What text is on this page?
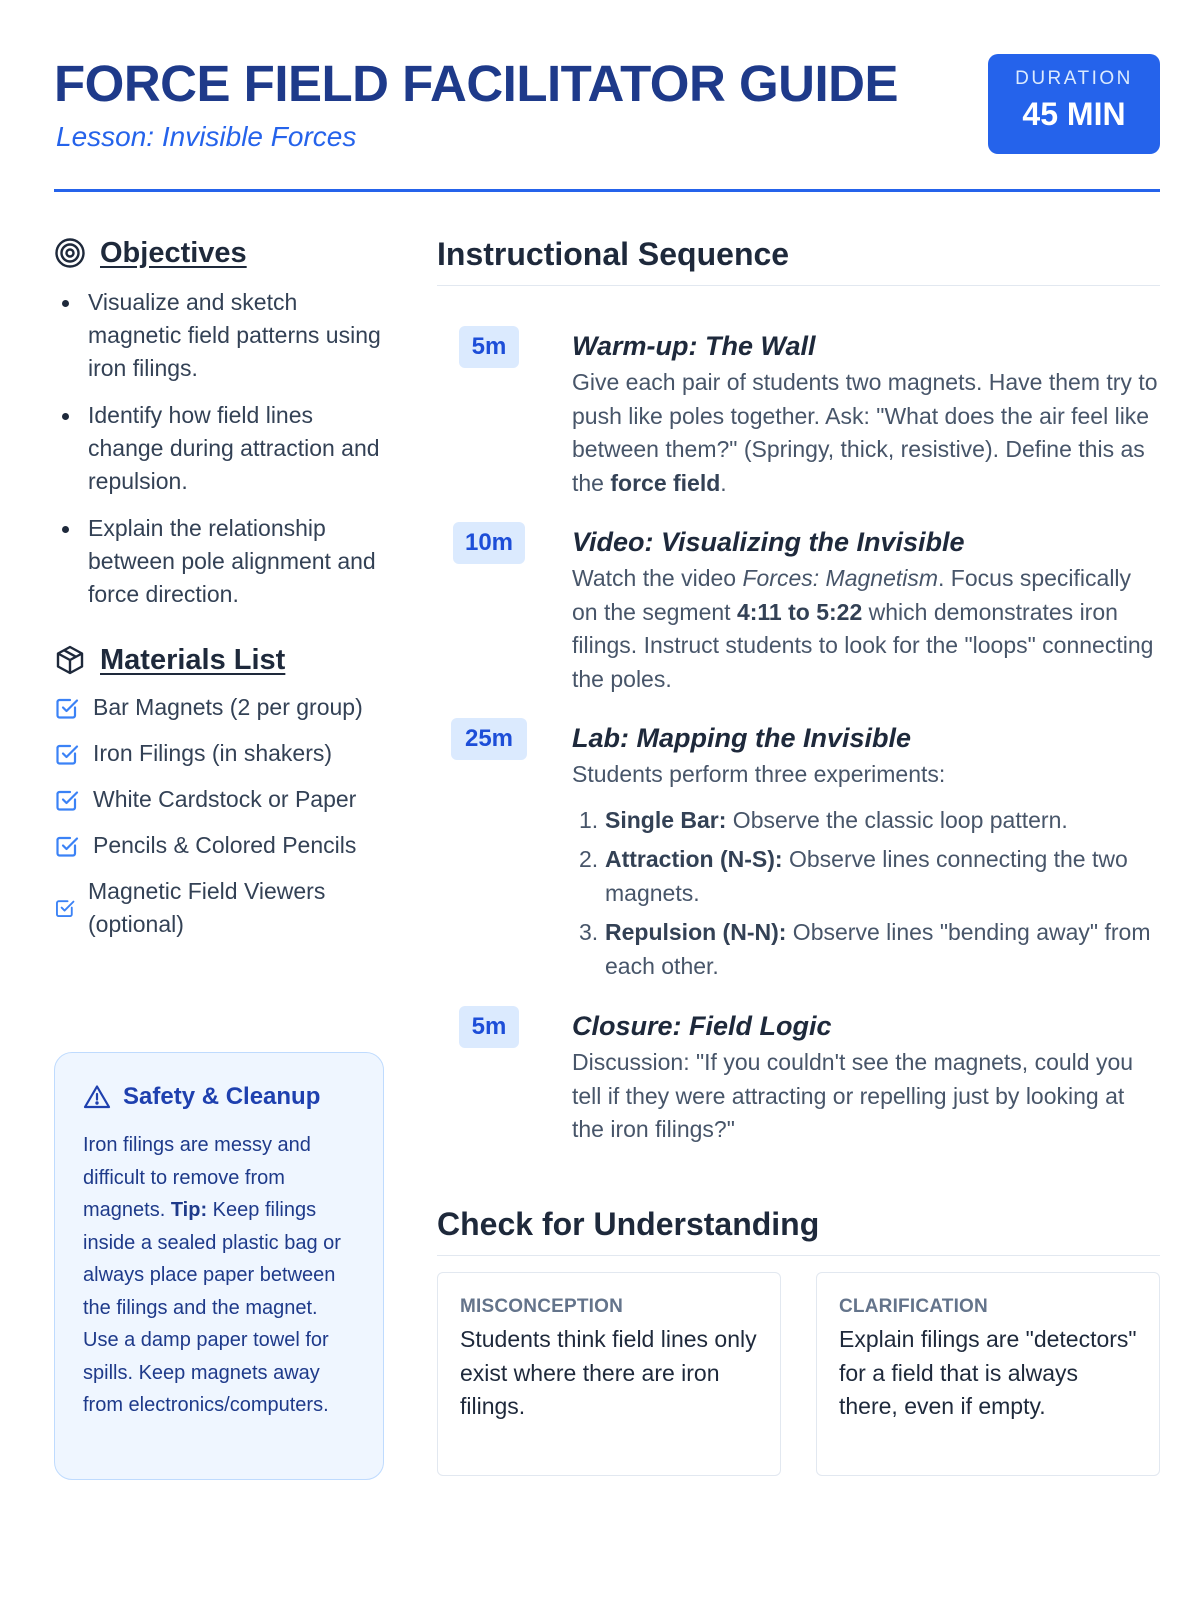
FORCE FIELD FACILITATOR GUIDE
Lesson: Invisible Forces
DURATION
45 MIN
Objectives
Visualize and sketch magnetic field patterns using iron filings.
Identify how field lines change during attraction and repulsion.
Explain the relationship between pole alignment and force direction.
Materials List
Bar Magnets (2 per group)
Iron Filings (in shakers)
White Cardstock or Paper
Pencils & Colored Pencils
Magnetic Field Viewers (optional)
Safety & Cleanup
Iron filings are messy and difficult to remove from magnets. Tip: Keep filings inside a sealed plastic bag or always place paper between the filings and the magnet. Use a damp paper towel for spills. Keep magnets away from electronics/computers.
Instructional Sequence
5m	Warm-up: The Wall
Give each pair of students two magnets. Have them try to push like poles together. Ask: "What does the air feel like between them?" (Springy, thick, resistive). Define this as the force field.
10m	Video: Visualizing the Invisible
Watch the video Forces: Magnetism. Focus specifically on the segment 4:11 to 5:22 which demonstrates iron filings. Instruct students to look for the "loops" connecting the poles.
25m	Lab: Mapping the Invisible
Students perform three experiments:
1. Single Bar: Observe the classic loop pattern.
2. Attraction (N-S): Observe lines connecting the two magnets.
3. Repulsion (N-N): Observe lines "bending away" from each other.
5m	Closure: Field Logic
Discussion: "If you couldn't see the magnets, could you tell if they were attracting or repelling just by looking at the iron filings?"
Check for Understanding
MISCONCEPTION
Students think field lines only exist where there are iron filings.
CLARIFICATION
Explain filings are "detectors" for a field that is always there, even if empty.
